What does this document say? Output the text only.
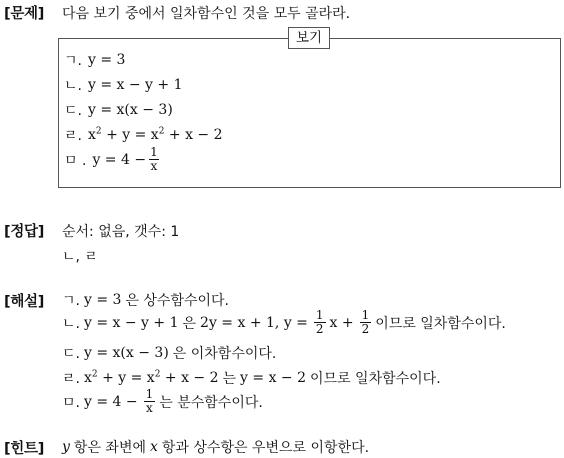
[문제] 다음 보기 중에서 일차함수인 것을 모두 골라라.
보기
ㄱ. y = 3
ㄴ. y = x − y + 1
ㄷ. y = x(x − 3)
ㄹ. $x^2 + y = x^2 + x - 2$
ㅁ . $y = 4 - \frac{1}{x}$
[정답] 순서: 없음, 갯수: 1
ㄴ, ㄹ
[해설] ㄱ. y = 3 은 상수함수이다.
ㄴ. y = x − y + 1 은 2y = x + 1, $y = \frac{1}{2}$ $x + \frac{1}{2}$ 이므로 일차함수이다.
ㄷ. y = x(x − 3) 은 이차함수이다.
ㄹ. $x^2 + y = x^2 + x - 2$ 는 y = x − 2 이므로 일차함수이다.
ㅁ. $y = 4 - \frac{1}{x}$ 는 분수함수이다.
[힌트] y 항은 좌변에 x 항과 상수항은 우변으로 이항한다.
